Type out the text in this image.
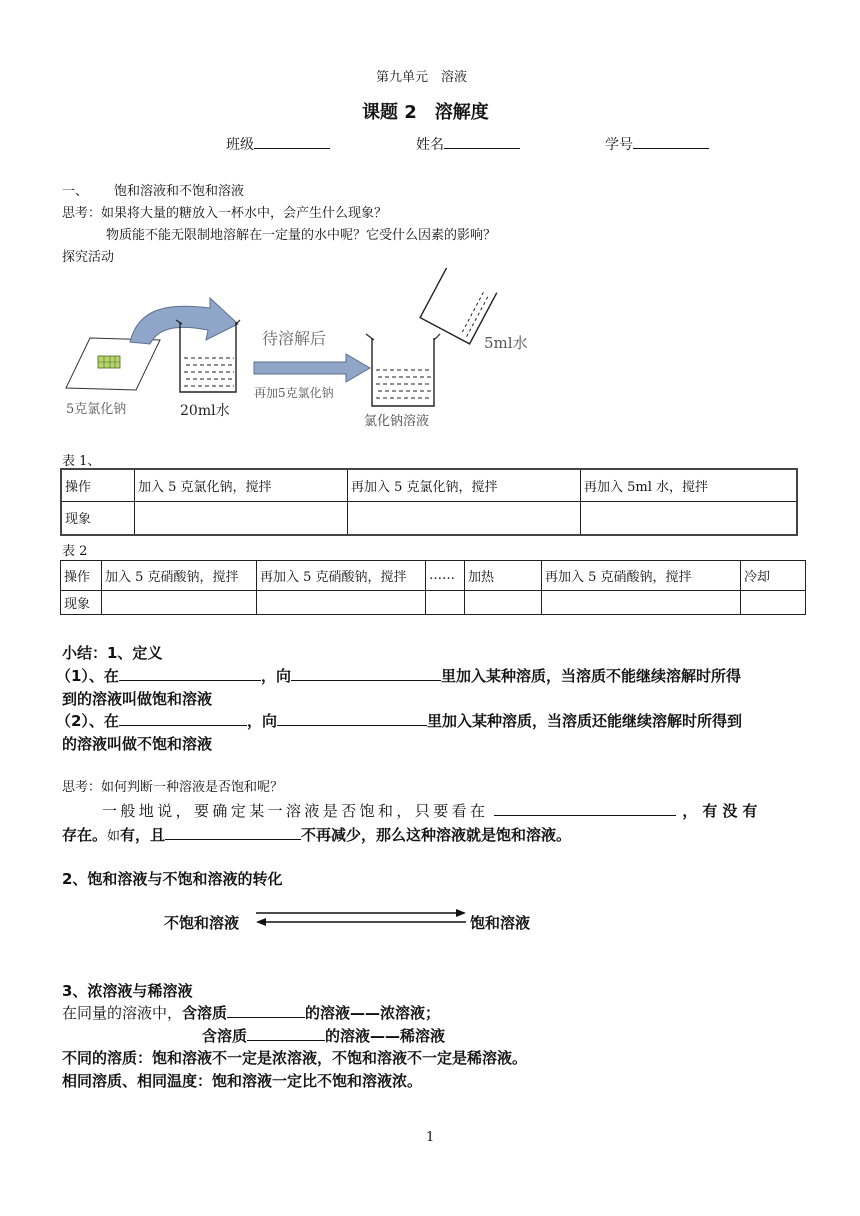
第九单元　溶液
课题 2　溶解度
班级	姓名	学号
一、 饱和溶液和不饱和溶液
思考：如果将大量的糖放入一杯水中，会产生什么现象？
物质能不能无限制地溶解在一定量的水中呢？它受什么因素的影响？
探究活动
5克氯化钠	20ml水
待溶解后
再加5克氯化钠
5ml水
氯化钠溶液
表 1、
操作	加入 5 克氯化钠，搅拌	再加入 5 克氯化钠，搅拌	再加入 5ml 水，搅拌
现象			
表 2
操作	加入 5 克硝酸钠，搅拌	再加入 5 克硝酸钠，搅拌	……	加热	再加入 5 克硝酸钠，搅拌	冷却
现象						
小结：1、定义
（1）、在	，向	里加入某种溶质，当溶质不能继续溶解时所得
到的溶液叫做饱和溶液
（2）、在	，向	里加入某种溶质，当溶质还能继续溶解时所得到
的溶液叫做不饱和溶液
思考：如何判断一种溶液是否饱和呢？
一般地说，要确定某一溶液是否饱和，只要看在	，有没有
存在。如有，且	不再减少，那么这种溶液就是饱和溶液。
2、饱和溶液与不饱和溶液的转化
不饱和溶液	饱和溶液
3、浓溶液与稀溶液
在同量的溶液中，含溶质	的溶液——浓溶液；
含溶质	的溶液——稀溶液
不同的溶质：饱和溶液不一定是浓溶液，不饱和溶液不一定是稀溶液。
相同溶质、相同温度：饱和溶液一定比不饱和溶液浓。
1
